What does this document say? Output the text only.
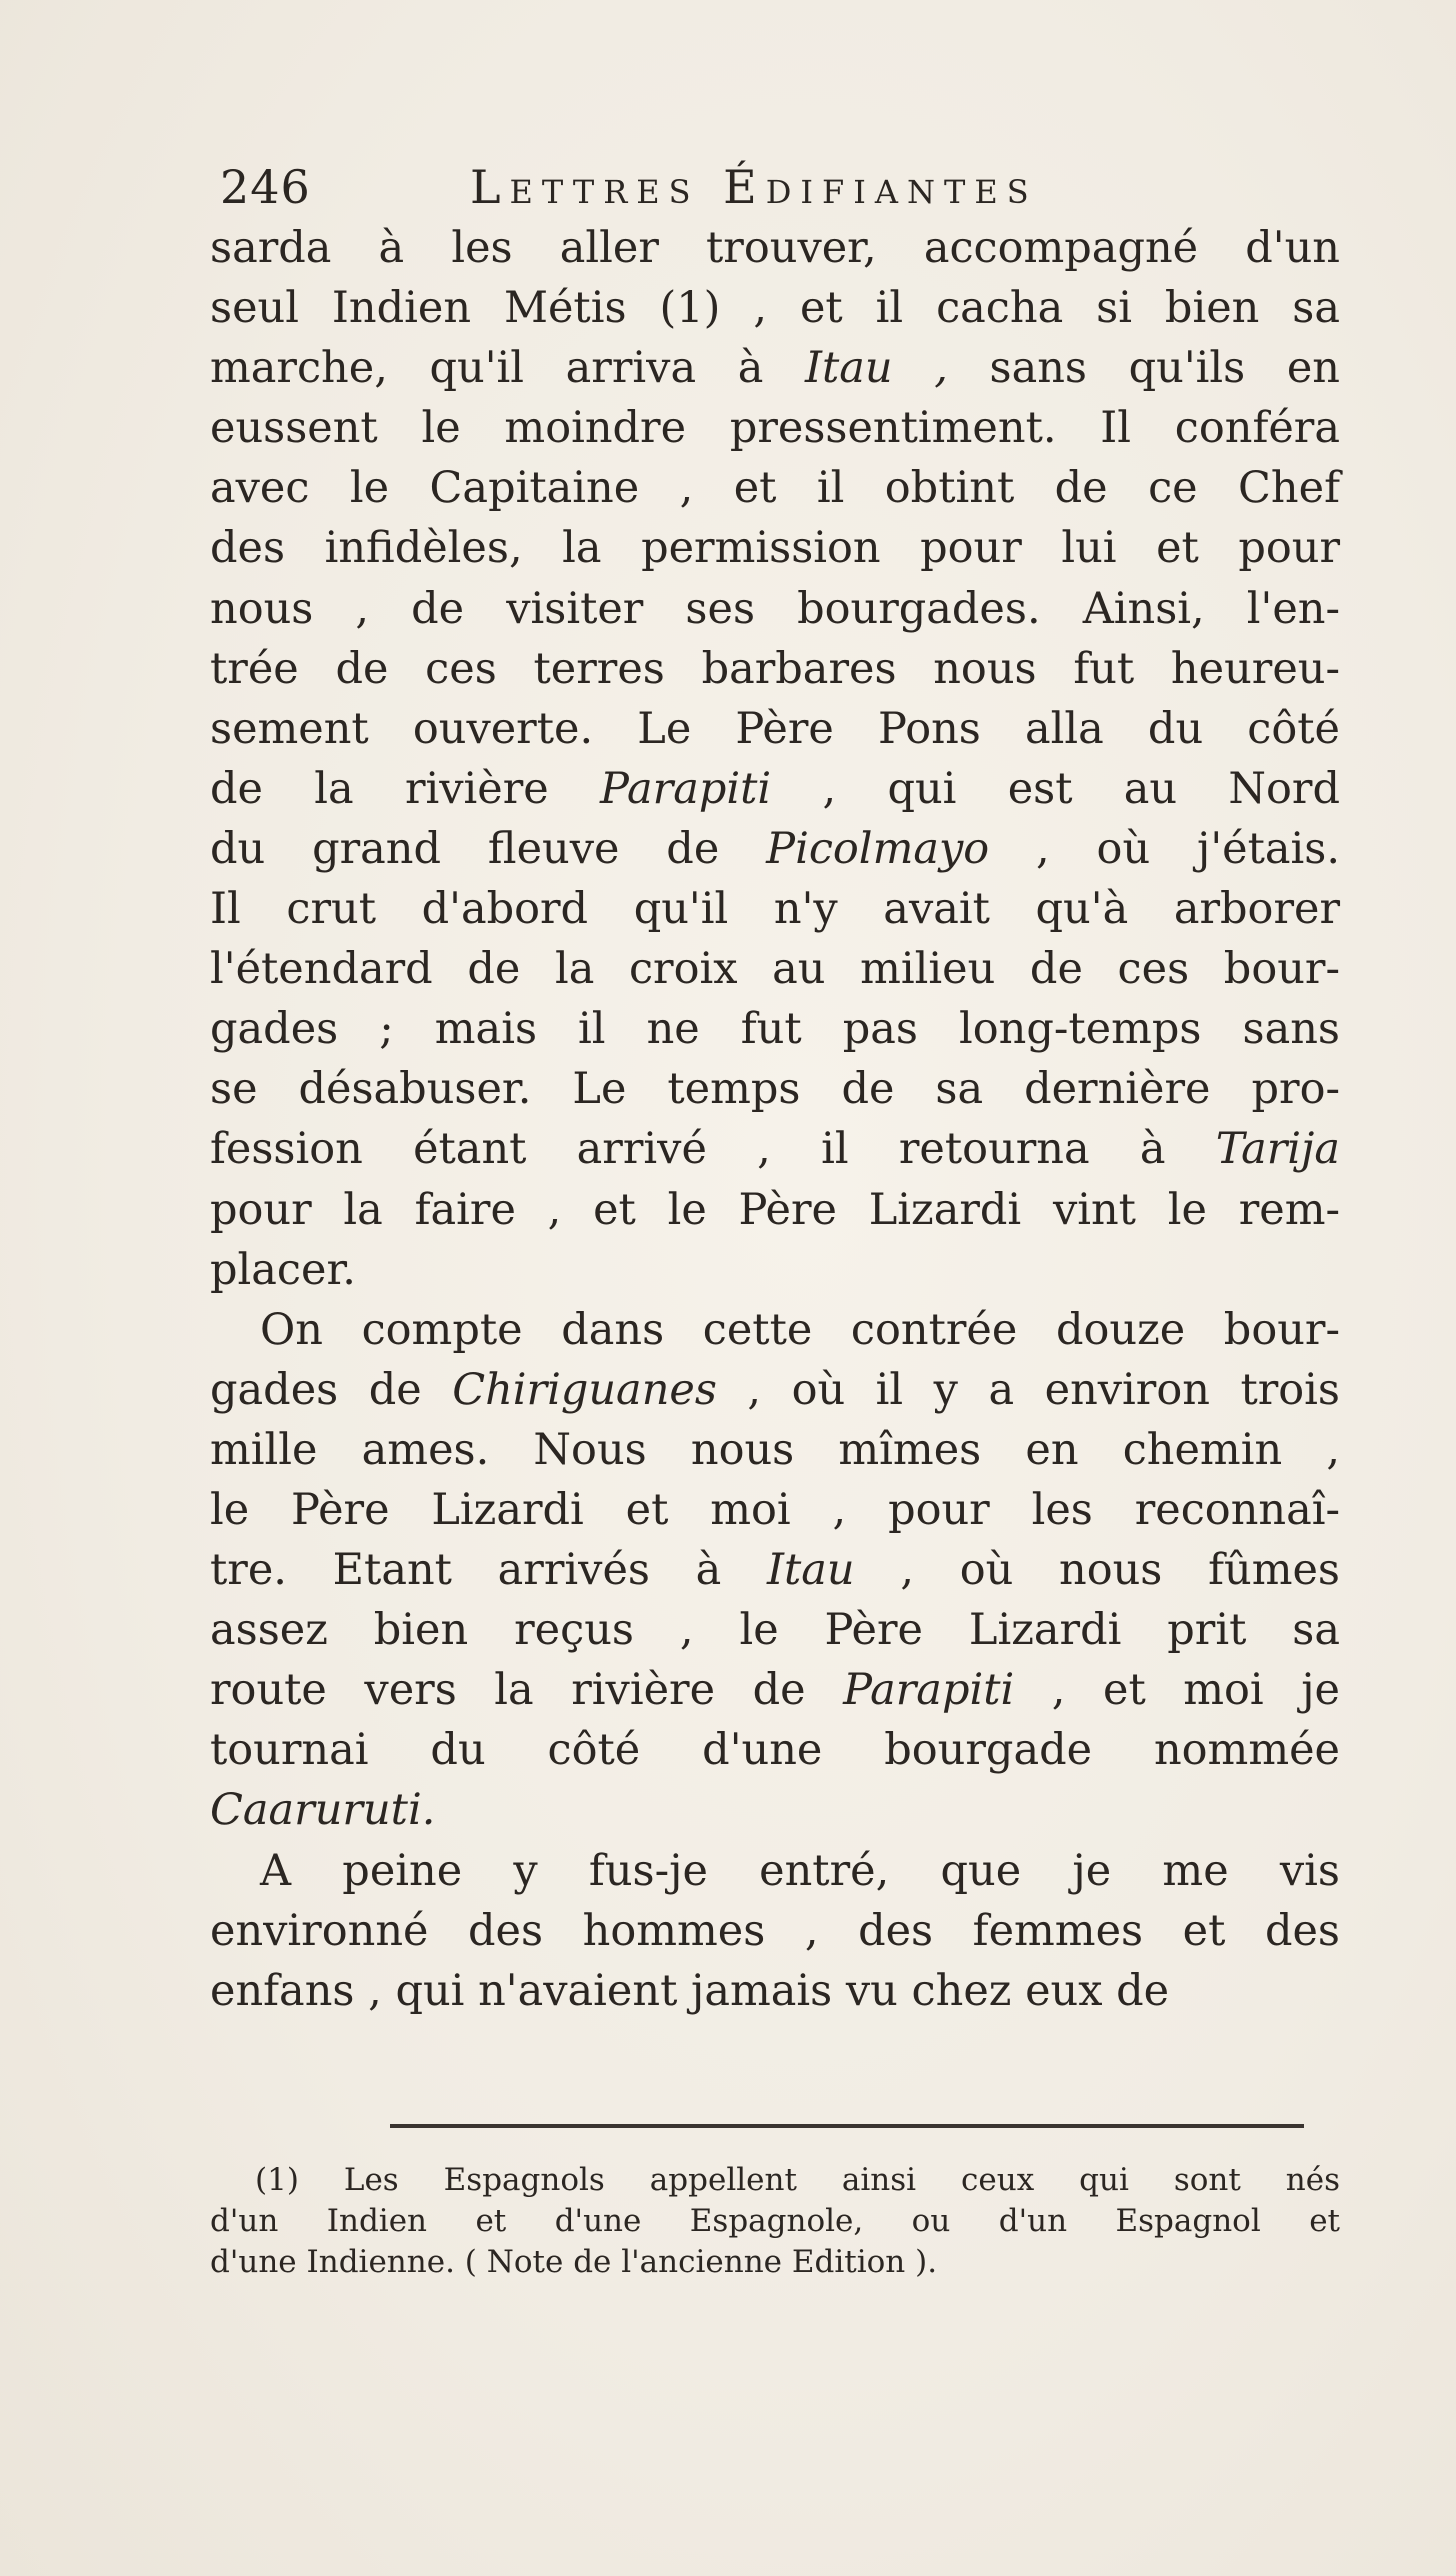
246	Lettres Édifiantes
sarda à les aller trouver, accompagné d'un
seul Indien Métis (1) , et il cacha si bien sa
marche, qu'il arriva à Itau , sans qu'ils en
eussent le moindre pressentiment. Il conféra
avec le Capitaine , et il obtint de ce Chef
des infidèles, la permission pour lui et pour
nous , de visiter ses bourgades. Ainsi, l'en-
trée de ces terres barbares nous fut heureu-
sement ouverte. Le Père Pons alla du côté
de la rivière Parapiti , qui est au Nord
du grand fleuve de Picolmayo , où j'étais.
Il crut d'abord qu'il n'y avait qu'à arborer
l'étendard de la croix au milieu de ces bour-
gades ; mais il ne fut pas long-temps sans
se désabuser. Le temps de sa dernière pro-
fession étant arrivé , il retourna à Tarija
pour la faire , et le Père Lizardi vint le rem-
placer.
On compte dans cette contrée douze bour-
gades de Chiriguanes , où il y a environ trois
mille ames. Nous nous mîmes en chemin ,
le Père Lizardi et moi , pour les reconnaî-
tre. Etant arrivés à Itau , où nous fûmes
assez bien reçus , le Père Lizardi prit sa
route vers la rivière de Parapiti , et moi je
tournai du côté d'une bourgade nommée
Caaruruti.
A peine y fus-je entré, que je me vis
environné des hommes , des femmes et des
enfans , qui n'avaient jamais vu chez eux de
(1) Les Espagnols appellent ainsi ceux qui sont nés
d'un Indien et d'une Espagnole, ou d'un Espagnol et
d'une Indienne. ( Note de l'ancienne Edition ).
